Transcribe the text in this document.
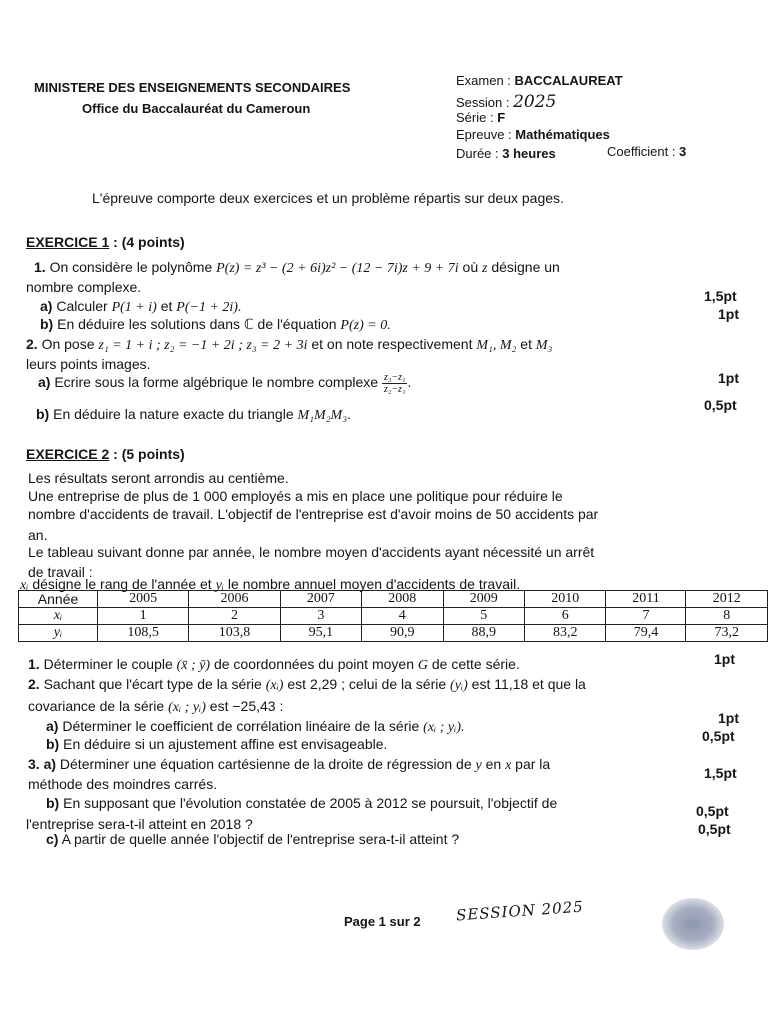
MINISTERE DES ENSEIGNEMENTS SECONDAIRES
Office du Baccalauréat du Cameroun
Examen : BACCALAUREAT
Session : 2025
Série : F
Epreuve : Mathématiques
Durée : 3 heures	Coefficient : 3
L'épreuve comporte deux exercices et un problème répartis sur deux pages.
EXERCICE 1 : (4 points)
1. On considère le polynôme P(z) = z³ − (2 + 6i)z² − (12 − 7i)z + 9 + 7i où z désigne un
nombre complexe.
a) Calculer P(1 + i) et P(−1 + 2i).
1,5pt
b) En déduire les solutions dans ℂ de l'équation P(z) = 0.
1pt
2. On pose z₁ = 1 + i ; z₂ = −1 + 2i ; z₃ = 2 + 3i et on note respectivement M₁, M₂ et M₃
leurs points images.
a) Ecrire sous la forme algébrique le nombre complexe $\frac{\text{z₃−z₁}}{\text{z₂−z₁}}$ .	1pt
b) En déduire la nature exacte du triangle M₁M₂M₃.
0,5pt
EXERCICE 2 : (5 points)
Les résultats seront arrondis au centième.
Une entreprise de plus de 1 000 employés a mis en place une politique pour réduire le
nombre d'accidents de travail. L'objectif de l'entreprise est d'avoir moins de 50 accidents par
an.
Le tableau suivant donne par année, le nombre moyen d'accidents ayant nécessité un arrêt
de travail :
xᵢ désigne le rang de l'année et yᵢ le nombre annuel moyen d'accidents de travail.
Année	2005	2006	2007	2008	2009	2010	2011	2012
xᵢ	1	2	3	4	5	6	7	8
yᵢ	108,5	103,8	95,1	90,9	88,9	83,2	79,4	73,2
1. Déterminer le couple (x̄ ; ȳ) de coordonnées du point moyen G de cette série.	1pt
2. Sachant que l'écart type de la série (xᵢ) est 2,29 ; celui de la série (yᵢ) est 11,18 et que la
covariance de la série (xᵢ ; yᵢ) est −25,43 :
a) Déterminer le coefficient de corrélation linéaire de la série (xᵢ ; yᵢ).
1pt
b) En déduire si un ajustement affine est envisageable.	0,5pt
3. a) Déterminer une équation cartésienne de la droite de régression de y en x par la
méthode des moindres carrés.
1,5pt
b) En supposant que l'évolution constatée de 2005 à 2012 se poursuit, l'objectif de
l'entreprise sera-t-il atteint en 2018 ?
0,5pt
c) A partir de quelle année l'objectif de l'entreprise sera-t-il atteint ?
0,5pt
Page 1 sur 2 SESSION 2025
